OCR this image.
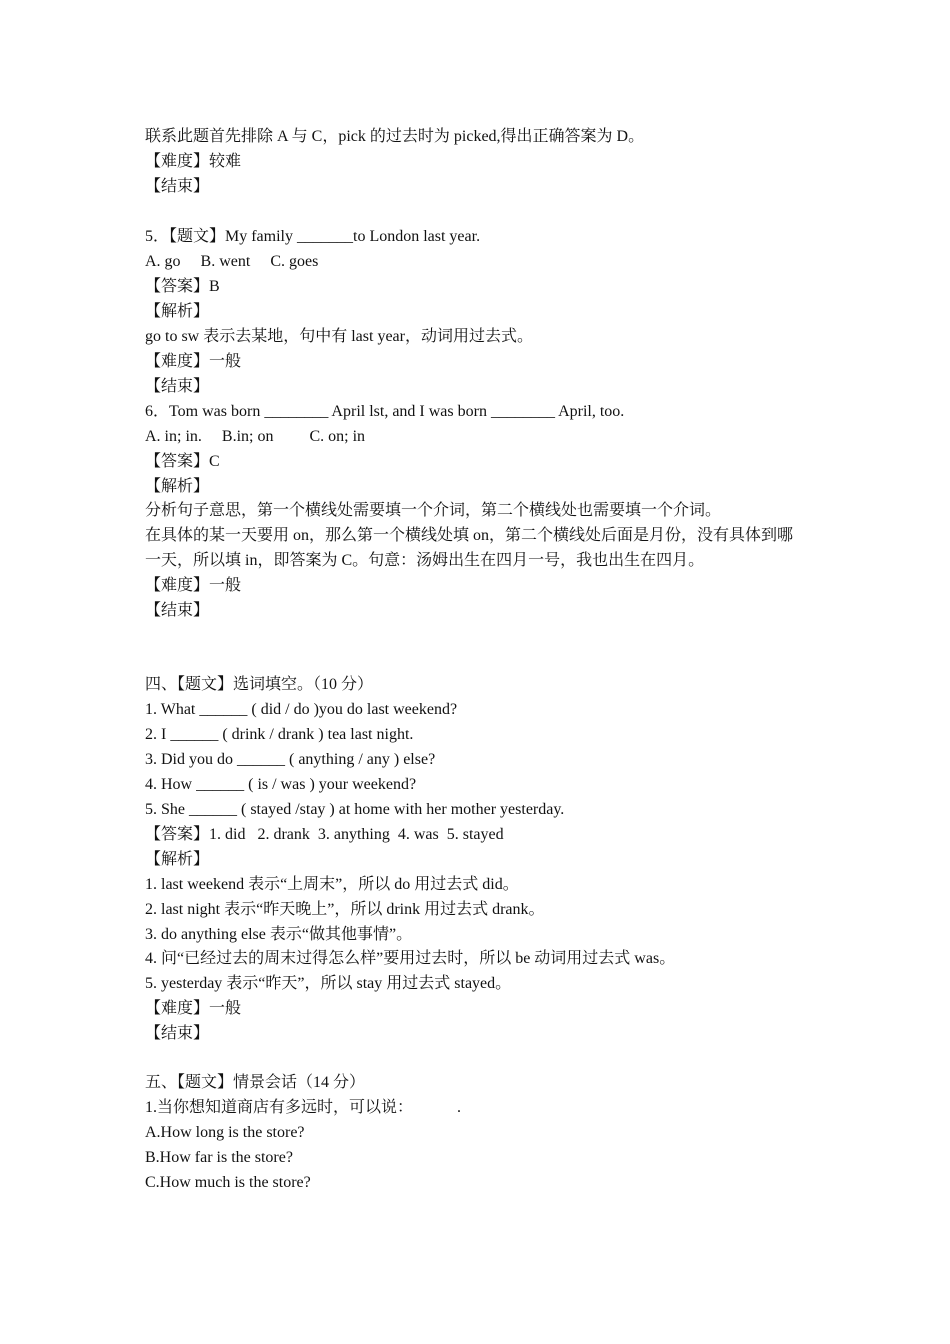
联系此题首先排除 A 与 C，pick 的过去时为 picked,得出正确答案为 D。
【难度】较难
【结束】
5．【题文】My family _______to London last year.
A. go     B. went     C. goes
【答案】B
【解析】
go to sw 表示去某地，句中有 last year，动词用过去式。
【难度】一般
【结束】
6．Tom was born ________ April lst, and I was born ________ April, too.
A. in; in.     B.in; on         C. on; in
【答案】C
【解析】
分析句子意思，第一个横线处需要填一个介词，第二个横线处也需要填一个介词。
在具体的某一天要用 on，那么第一个横线处填 on，第二个横线处后面是月份，没有具体到哪
一天，所以填 in，即答案为 C。句意：汤姆出生在四月一号，我也出生在四月。
【难度】一般
【结束】
四、【题文】选词填空。（10 分）
1. What ______ ( did / do )you do last weekend?
2. I ______ ( drink / drank ) tea last night.
3. Did you do ______ ( anything / any ) else?
4. How ______ ( is / was ) your weekend?
5. She ______ ( stayed /stay ) at home with her mother yesterday.
【答案】1. did   2. drank  3. anything  4. was  5. stayed
【解析】
1. last weekend 表示“上周末”，所以 do 用过去式 did。
2. last night 表示“昨天晚上”，所以 drink 用过去式 drank。
3. do anything else 表示“做其他事情”。
4. 问“已经过去的周末过得怎么样”要用过去时，所以 be 动词用过去式 was。
5. yesterday 表示“昨天”，所以 stay 用过去式 stayed。
【难度】一般
【结束】
五、【题文】情景会话（14 分）
1.当你想知道商店有多远时，可以说：           .
A.How long is the store?
B.How far is the store?
C.How much is the store?
